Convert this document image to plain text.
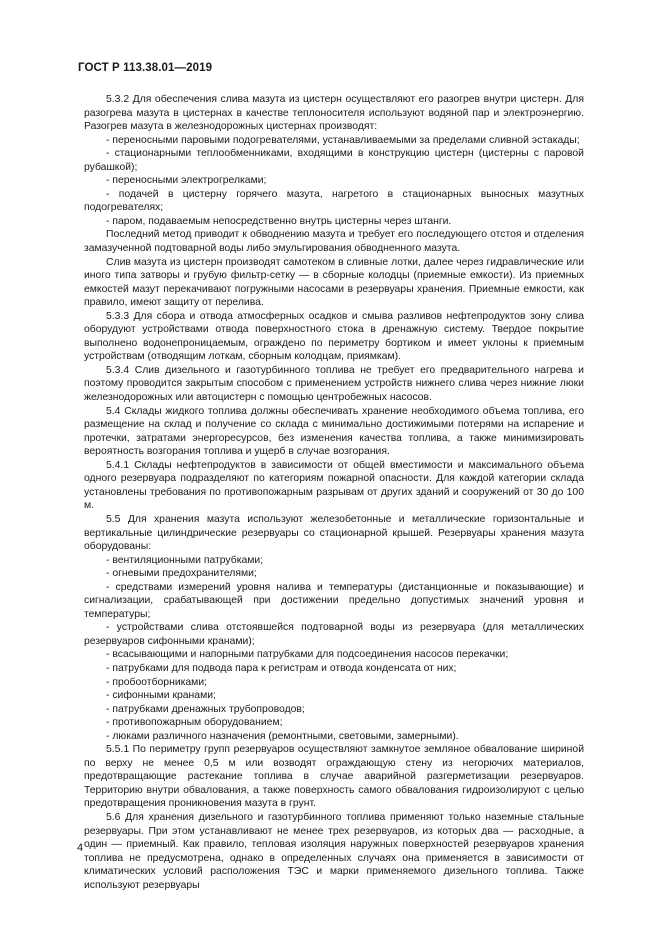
ГОСТ Р 113.38.01—2019

5.3.2 Для обеспечения слива мазута из цистерн осуществляют его разогрев внутри цистерн. Для разогрева мазута в цистернах в качестве теплоносителя используют водяной пар и электроэнергию. Разогрев мазута в железнодорожных цистернах производят:

- переносными паровыми подогревателями, устанавливаемыми за пределами сливной эстакады;

- стационарными теплообменниками, входящими в конструкцию цистерн (цистерны с паровой рубашкой);

- переносными электрогрелками;

- подачей в цистерну горячего мазута, нагретого в стационарных выносных мазутных подогревателях;

- паром, подаваемым непосредственно внутрь цистерны через штанги.

Последний метод приводит к обводнению мазута и требует его последующего отстоя и отделения замазученной подтоварной воды либо эмульгирования обводненного мазута.

Слив мазута из цистерн производят самотеком в сливные лотки, далее через гидравлические или иного типа затворы и грубую фильтр-сетку — в сборные колодцы (приемные емкости). Из приемных емкостей мазут перекачивают погружными насосами в резервуары хранения. Приемные емкости, как правило, имеют защиту от перелива.

5.3.3 Для сбора и отвода атмосферных осадков и смыва разливов нефтепродуктов зону слива оборудуют устройствами отвода поверхностного стока в дренажную систему. Твердое покрытие выполнено водонепроницаемым, ограждено по периметру бортиком и имеет уклоны к приемным устройствам (отводящим лоткам, сборным колодцам, приямкам).

5.3.4 Слив дизельного и газотурбинного топлива не требует его предварительного нагрева и поэтому проводится закрытым способом с применением устройств нижнего слива через нижние люки железнодорожных или автоцистерн с помощью центробежных насосов.

5.4 Склады жидкого топлива должны обеспечивать хранение необходимого объема топлива, его размещение на склад и получение со склада с минимально достижимыми потерями на испарение и протечки, затратами энергоресурсов, без изменения качества топлива, а также минимизировать вероятность возгорания топлива и ущерб в случае возгорания.

5.4.1 Склады нефтепродуктов в зависимости от общей вместимости и максимального объема одного резервуара подразделяют по категориям пожарной опасности. Для каждой категории склада установлены требования по противопожарным разрывам от других зданий и сооружений от 30 до 100 м.

5.5 Для хранения мазута используют железобетонные и металлические горизонтальные и вертикальные цилиндрические резервуары со стационарной крышей. Резервуары хранения мазута оборудованы:

- вентиляционными патрубками;

- огневыми предохранителями;

- средствами измерений уровня налива и температуры (дистанционные и показывающие) и сигнализации, срабатывающей при достижении предельно допустимых значений уровня и температуры;

- устройствами слива отстоявшейся подтоварной воды из резервуара (для металлических резервуаров сифонными кранами);

- всасывающими и напорными патрубками для подсоединения насосов перекачки;

- патрубками для подвода пара к регистрам и отвода конденсата от них;

- пробоотборниками;

- сифонными кранами;

- патрубками дренажных трубопроводов;

- противопожарным оборудованием;

- люками различного назначения (ремонтными, световыми, замерными).

5.5.1 По периметру групп резервуаров осуществляют замкнутое земляное обвалование шириной по верху не менее 0,5 м или возводят ограждающую стену из негорючих материалов, предотвращающие растекание топлива в случае аварийной разгерметизации резервуаров. Территорию внутри обвалования, а также поверхность самого обвалования гидроизолируют с целью предотвращения проникновения мазута в грунт.

5.6 Для хранения дизельного и газотурбинного топлива применяют только наземные стальные резервуары. При этом устанавливают не менее трех резервуаров, из которых два — расходные, а один — приемный. Как правило, тепловая изоляция наружных поверхностей резервуаров хранения топлива не предусмотрена, однако в определенных случаях она применяется в зависимости от климатических условий расположения ТЭС и марки применяемого дизельного топлива. Также используют резервуары

4
